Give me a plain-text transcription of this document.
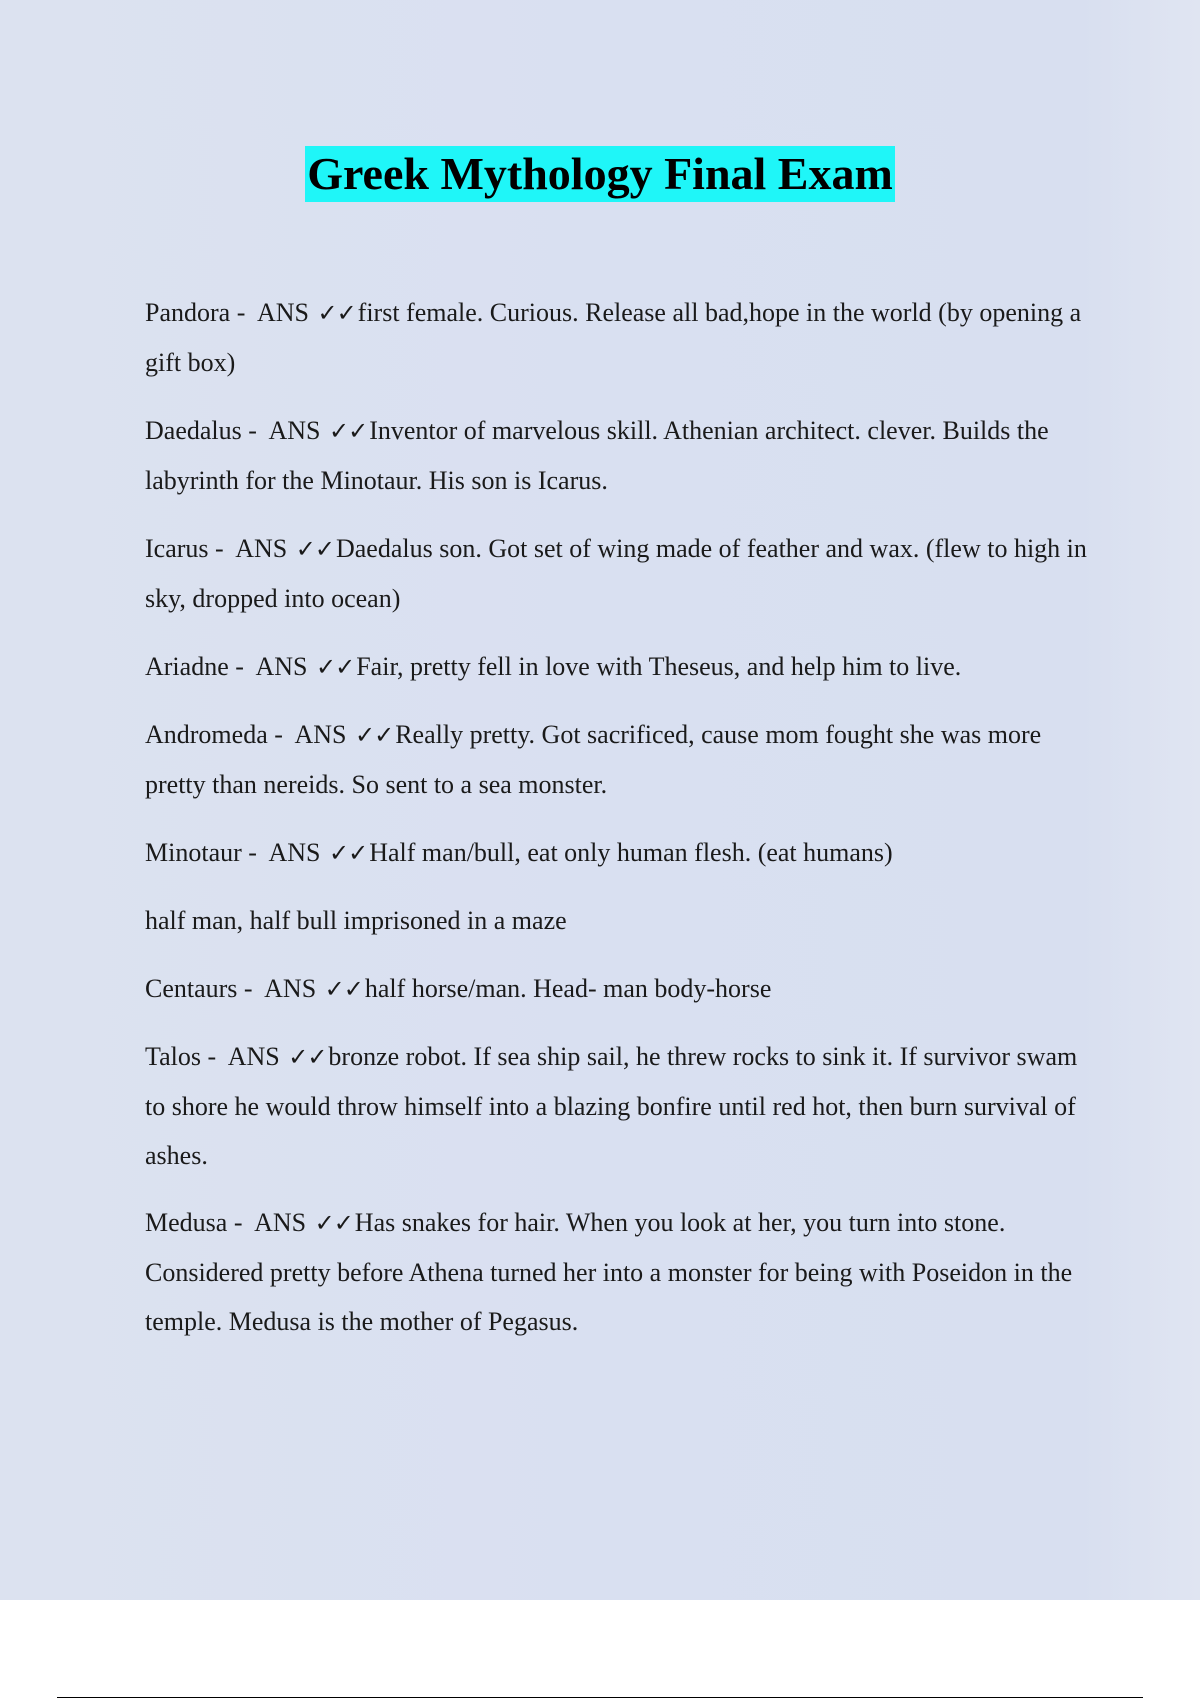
Greek Mythology Final Exam

Pandora -  ANS ✓✓first female. Curious. Release all bad,hope in the world (by opening a gift box)

Daedalus -  ANS ✓✓Inventor of marvelous skill. Athenian architect. clever. Builds the labyrinth for the Minotaur. His son is Icarus.

Icarus -  ANS ✓✓Daedalus son. Got set of wing made of feather and wax. (flew to high in sky, dropped into ocean)

Ariadne -  ANS ✓✓Fair, pretty fell in love with Theseus, and help him to live.

Andromeda -  ANS ✓✓Really pretty. Got sacrificed, cause mom fought she was more pretty than nereids. So sent to a sea monster.

Minotaur -  ANS ✓✓Half man/bull, eat only human flesh. (eat humans)

half man, half bull imprisoned in a maze

Centaurs -  ANS ✓✓half horse/man. Head- man body-horse

Talos -  ANS ✓✓bronze robot. If sea ship sail, he threw rocks to sink it. If survivor swam to shore he would throw himself into a blazing bonfire until red hot, then burn survival of ashes.

Medusa -  ANS ✓✓Has snakes for hair. When you look at her, you turn into stone. Considered pretty before Athena turned her into a monster for being with Poseidon in the temple. Medusa is the mother of Pegasus.
